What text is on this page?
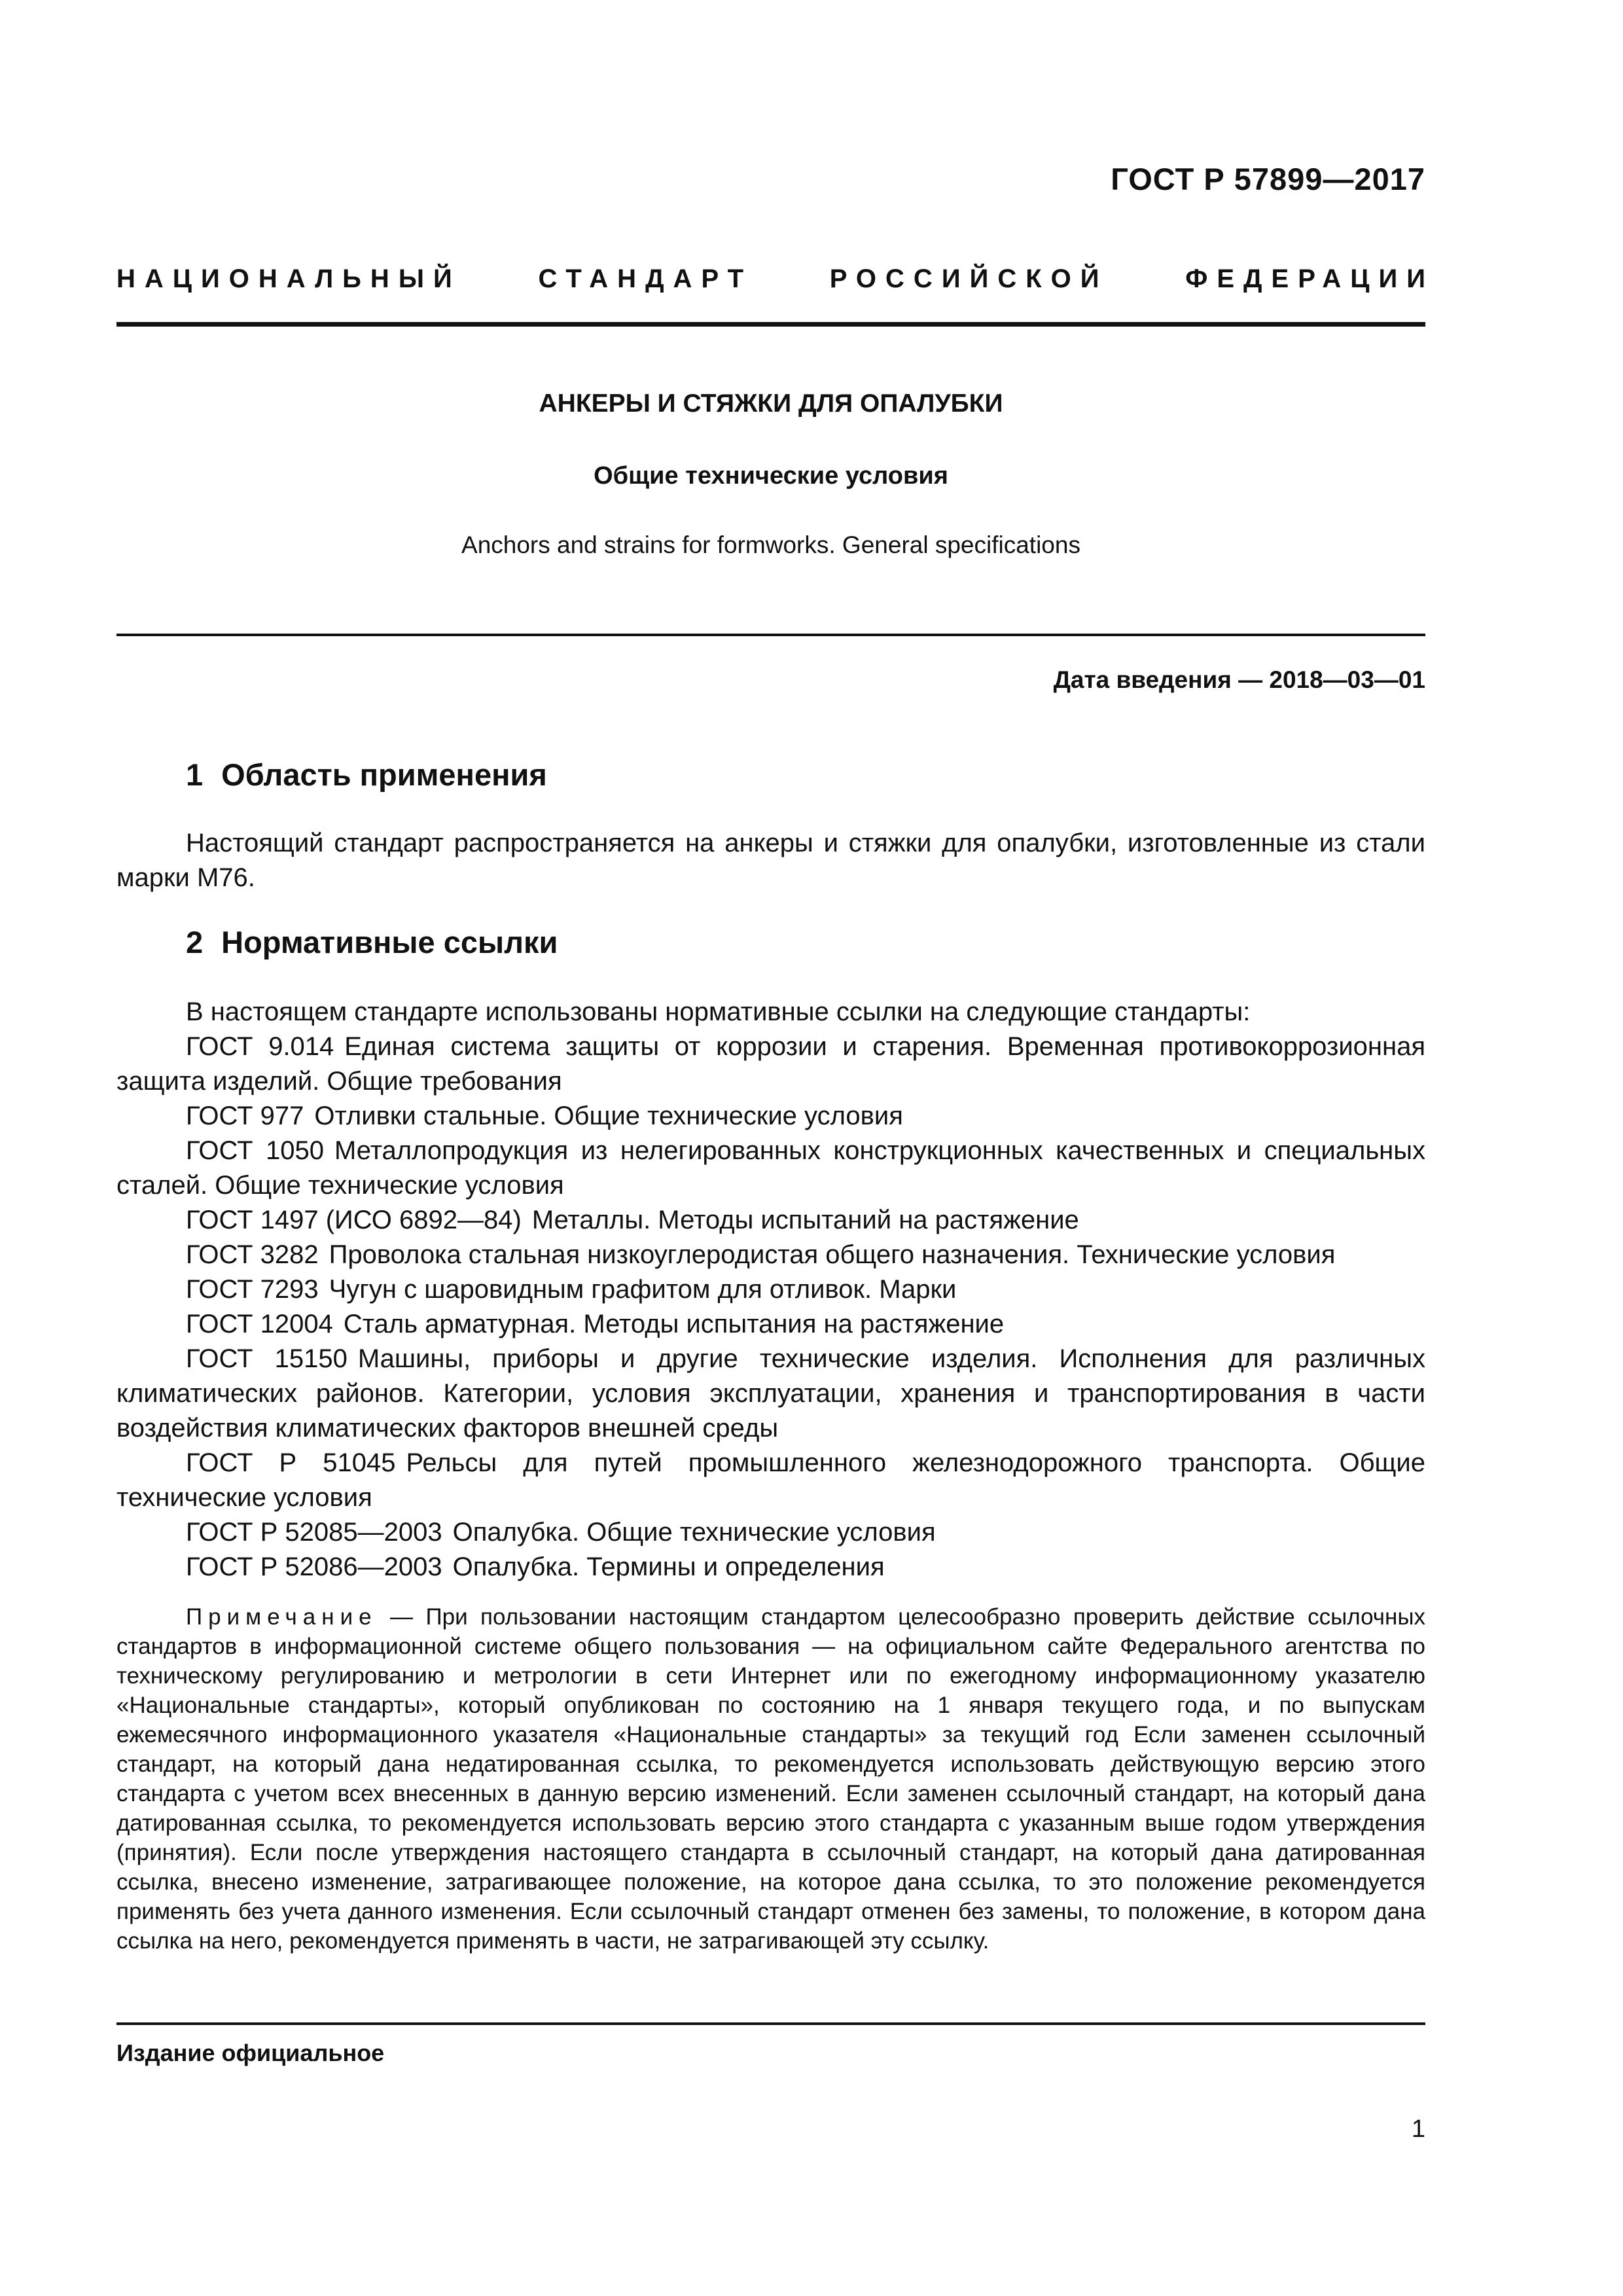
ГОСТ Р 57899—2017
НАЦИОНАЛЬНЫЙ	СТАНДАРТ	РОССИЙСКОЙ	ФЕДЕРАЦИИ
АНКЕРЫ И СТЯЖКИ ДЛЯ ОПАЛУБКИ
Общие технические условия
Anchors and strains for formworks. General specifications
Дата введения — 2018—03—01
1 Область применения

Настоящий стандарт распространяется на анкеры и стяжки для опалубки, изготовленные из стали марки М76.

2 Нормативные ссылки

В настоящем стандарте использованы нормативные ссылки на следующие стандарты:

ГОСТ 9.014 Единая система защиты от коррозии и старения. Временная противокоррозионная защита изделий. Общие требования

ГОСТ 977 Отливки стальные. Общие технические условия

ГОСТ 1050 Металлопродукция из нелегированных конструкционных качественных и специальных сталей. Общие технические условия

ГОСТ 1497 (ИСО 6892—84) Металлы. Методы испытаний на растяжение

ГОСТ 3282 Проволока стальная низкоуглеродистая общего назначения. Технические условия

ГОСТ 7293 Чугун с шаровидным графитом для отливок. Марки

ГОСТ 12004 Сталь арматурная. Методы испытания на растяжение

ГОСТ 15150 Машины, приборы и другие технические изделия. Исполнения для различных климатических районов. Категории, условия эксплуатации, хранения и транспортирования в части воздействия климатических факторов внешней среды

ГОСТ Р 51045 Рельсы для путей промышленного железнодорожного транспорта. Общие технические условия

ГОСТ Р 52085—2003 Опалубка. Общие технические условия

ГОСТ Р 52086—2003 Опалубка. Термины и определения

Примечание — При пользовании настоящим стандартом целесообразно проверить действие ссылочных стандартов в информационной системе общего пользования — на официальном сайте Федерального агентства по техническому регулированию и метрологии в сети Интернет или по ежегодному информационному указателю «Национальные стандарты», который опубликован по состоянию на 1 января текущего года, и по выпускам ежемесячного информационного указателя «Национальные стандарты» за текущий год Если заменен ссылочный стандарт, на который дана недатированная ссылка, то рекомендуется использовать действующую версию этого стандарта с учетом всех внесенных в данную версию изменений. Если заменен ссылочный стандарт, на который дана датированная ссылка, то рекомендуется использовать версию этого стандарта с указанным выше годом утверждения (принятия). Если после утверждения настоящего стандарта в ссылочный стандарт, на который дана датированная ссылка, внесено изменение, затрагивающее положение, на которое дана ссылка, то это положение рекомендуется применять без учета данного изменения. Если ссылочный стандарт отменен без замены, то положение, в котором дана ссылка на него, рекомендуется применять в части, не затрагивающей эту ссылку.
Издание официальное
1
